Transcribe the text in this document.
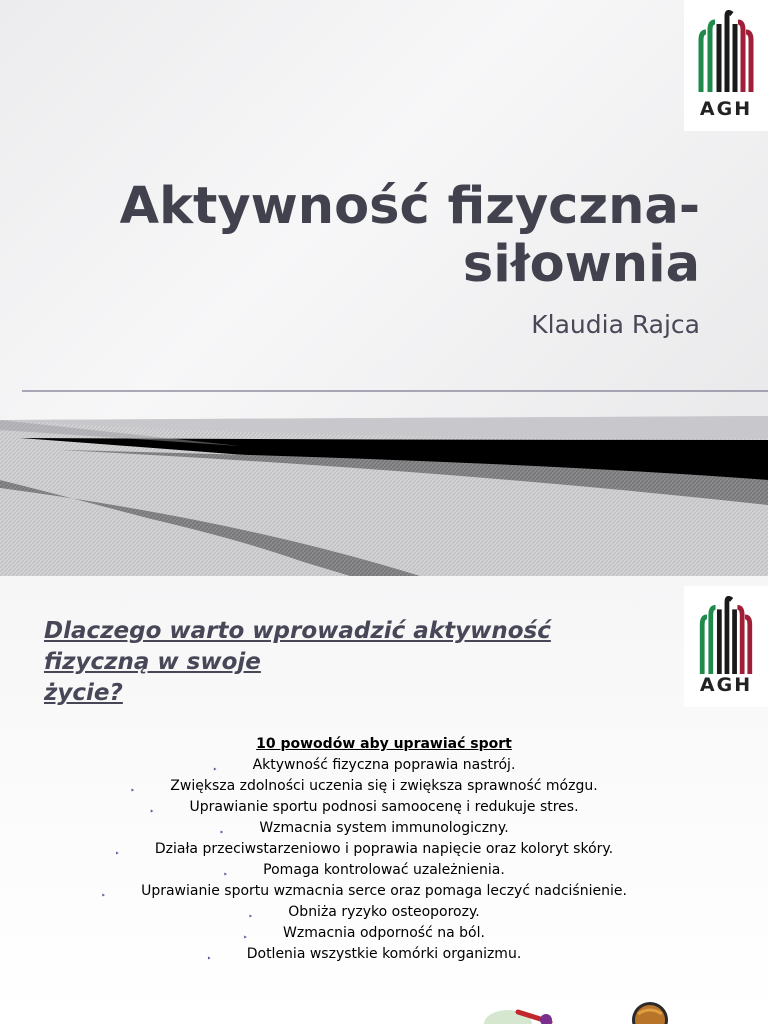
AGH
Aktywność fizyczna-
siłownia
Klaudia Rajca
AGH
Dlaczego warto wprowadzić aktywność
fizyczną w swoje
życie?
10 powodów aby uprawiać sport
‣	Aktywność fizyczna poprawia nastrój.
‣	Zwiększa zdolności uczenia się i zwiększa sprawność mózgu.
‣	Uprawianie sportu podnosi samoocenę i redukuje stres.
‣	Wzmacnia system immunologiczny.
‣	Działa przeciwstarzeniowo i poprawia napięcie oraz koloryt skóry.
‣	Pomaga kontrolować uzależnienia.
‣	Uprawianie sportu wzmacnia serce oraz pomaga leczyć nadciśnienie.
‣	Obniża ryzyko osteoporozy.
‣	Wzmacnia odporność na ból.
‣	Dotlenia wszystkie komórki organizmu.
